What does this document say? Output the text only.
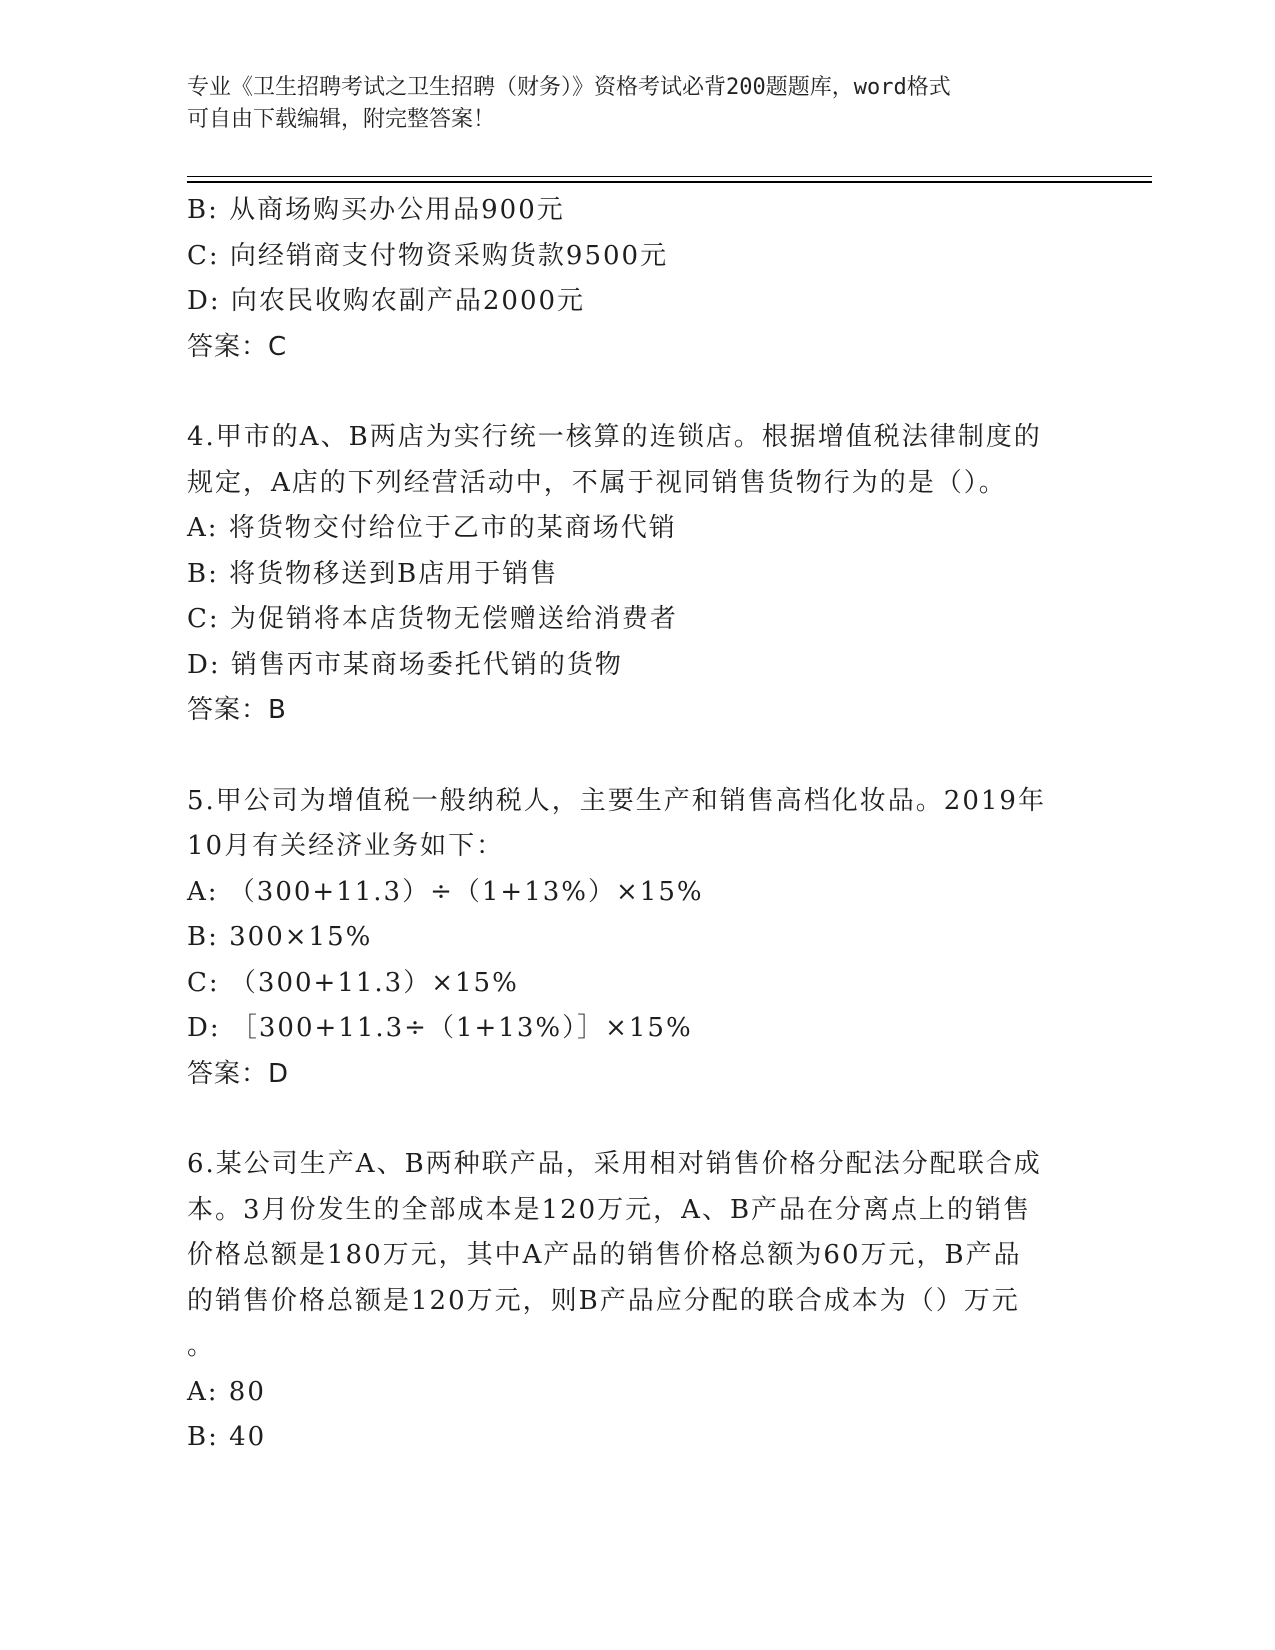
专业《卫生招聘考试之卫生招聘（财务）》资格考试必背200题题库，word格式
可自由下载编辑，附完整答案！
B: 从商场购买办公用品900元
C: 向经销商支付物资采购货款9500元
D: 向农民收购农副产品2000元
答案：C
4.甲市的A、B两店为实行统一核算的连锁店。根据增值税法律制度的
规定，A店的下列经营活动中，不属于视同销售货物行为的是（）。
A: 将货物交付给位于乙市的某商场代销
B: 将货物移送到B店用于销售
C: 为促销将本店货物无偿赠送给消费者
D: 销售丙市某商场委托代销的货物
答案：B
5.甲公司为增值税一般纳税人，主要生产和销售高档化妆品。2019年
10月有关经济业务如下：
A: （300+11.3）÷（1+13%）×15%
B: 300×15%
C: （300+11.3）×15%
D: ［300+11.3÷（1+13%）］×15%
答案：D
6.某公司生产A、B两种联产品，采用相对销售价格分配法分配联合成
本。3月份发生的全部成本是120万元，A、B产品在分离点上的销售
价格总额是180万元，其中A产品的销售价格总额为60万元，B产品
的销售价格总额是120万元，则B产品应分配的联合成本为（）万元
。
A: 80
B: 40
